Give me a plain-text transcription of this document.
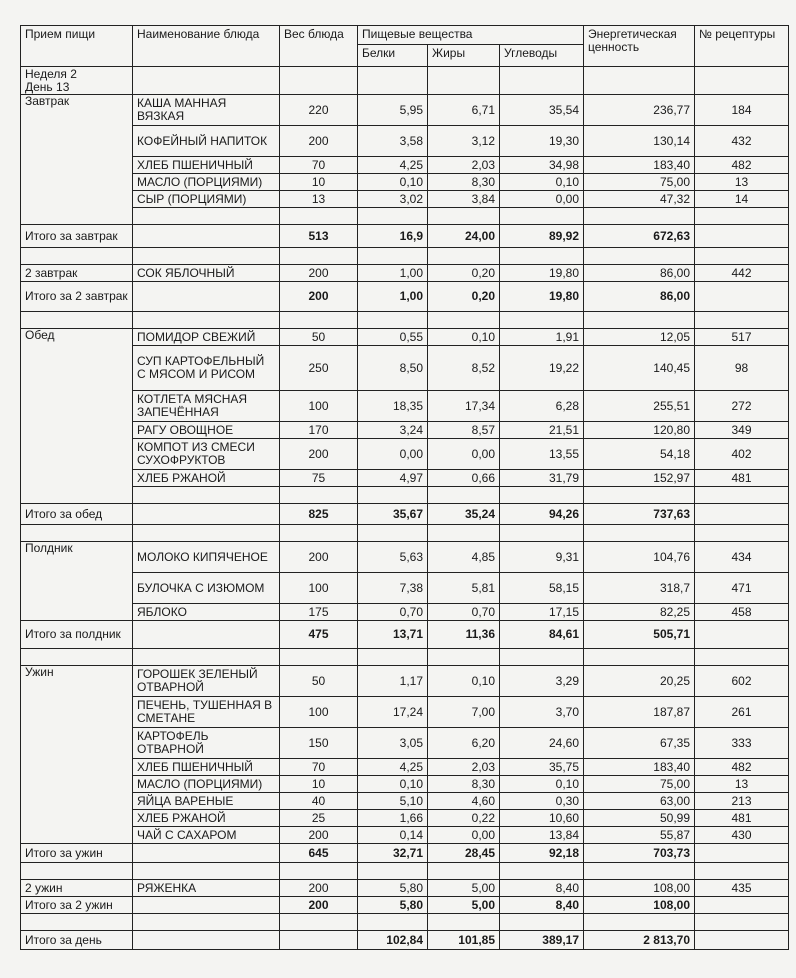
Прием пищи	Наименование блюда	Вес блюда	Пищевые вещества			Энергетическая ценность	№ рецептуры
			Белки	Жиры	Углеводы		
Неделя 2
День 13							
Завтрак	КАША МАННАЯ ВЯЗКАЯ	220	5,95	6,71	35,54	236,77	184
	КОФЕЙНЫЙ НАПИТОК	200	3,58	3,12	19,30	130,14	432
	ХЛЕБ ПШЕНИЧНЫЙ	70	4,25	2,03	34,98	183,40	482
	МАСЛО (ПОРЦИЯМИ)	10	0,10	8,30	0,10	75,00	13
	СЫР (ПОРЦИЯМИ)	13	3,02	3,84	0,00	47,32	14

Итого за завтрак		513	16,9	24,00	89,92	672,63	

2 завтрак	СОК ЯБЛОЧНЫЙ	200	1,00	0,20	19,80	86,00	442
Итого за 2 завтрак		200	1,00	0,20	19,80	86,00	

Обед	ПОМИДОР СВЕЖИЙ	50	0,55	0,10	1,91	12,05	517
	СУП КАРТОФЕЛЬНЫЙ С МЯСОМ И РИСОМ	250	8,50	8,52	19,22	140,45	98
	КОТЛЕТА МЯСНАЯ ЗАПЕЧЁННАЯ	100	18,35	17,34	6,28	255,51	272
	РАГУ ОВОЩНОЕ	170	3,24	8,57	21,51	120,80	349
	КОМПОТ ИЗ СМЕСИ СУХОФРУКТОВ	200	0,00	0,00	13,55	54,18	402
	ХЛЕБ РЖАНОЙ	75	4,97	0,66	31,79	152,97	481

Итого за обед		825	35,67	35,24	94,26	737,63	

Полдник	МОЛОКО КИПЯЧЕНОЕ	200	5,63	4,85	9,31	104,76	434
	БУЛОЧКА С ИЗЮМОМ	100	7,38	5,81	58,15	318,7	471
	ЯБЛОКО	175	0,70	0,70	17,15	82,25	458
Итого за полдник		475	13,71	11,36	84,61	505,71	

Ужин	ГОРОШЕК ЗЕЛЕНЫЙ ОТВАРНОЙ	50	1,17	0,10	3,29	20,25	602
	ПЕЧЕНЬ, ТУШЕННАЯ В СМЕТАНЕ	100	17,24	7,00	3,70	187,87	261
	КАРТОФЕЛЬ ОТВАРНОЙ	150	3,05	6,20	24,60	67,35	333
	ХЛЕБ ПШЕНИЧНЫЙ	70	4,25	2,03	35,75	183,40	482
	МАСЛО (ПОРЦИЯМИ)	10	0,10	8,30	0,10	75,00	13
	ЯЙЦА ВАРЕНЫЕ	40	5,10	4,60	0,30	63,00	213
	ХЛЕБ РЖАНОЙ	25	1,66	0,22	10,60	50,99	481
	ЧАЙ С САХАРОМ	200	0,14	0,00	13,84	55,87	430
Итого за ужин		645	32,71	28,45	92,18	703,73	

2 ужин	РЯЖЕНКА	200	5,80	5,00	8,40	108,00	435
Итого за 2 ужин		200	5,80	5,00	8,40	108,00	

Итого за день			102,84	101,85	389,17	2 813,70	
